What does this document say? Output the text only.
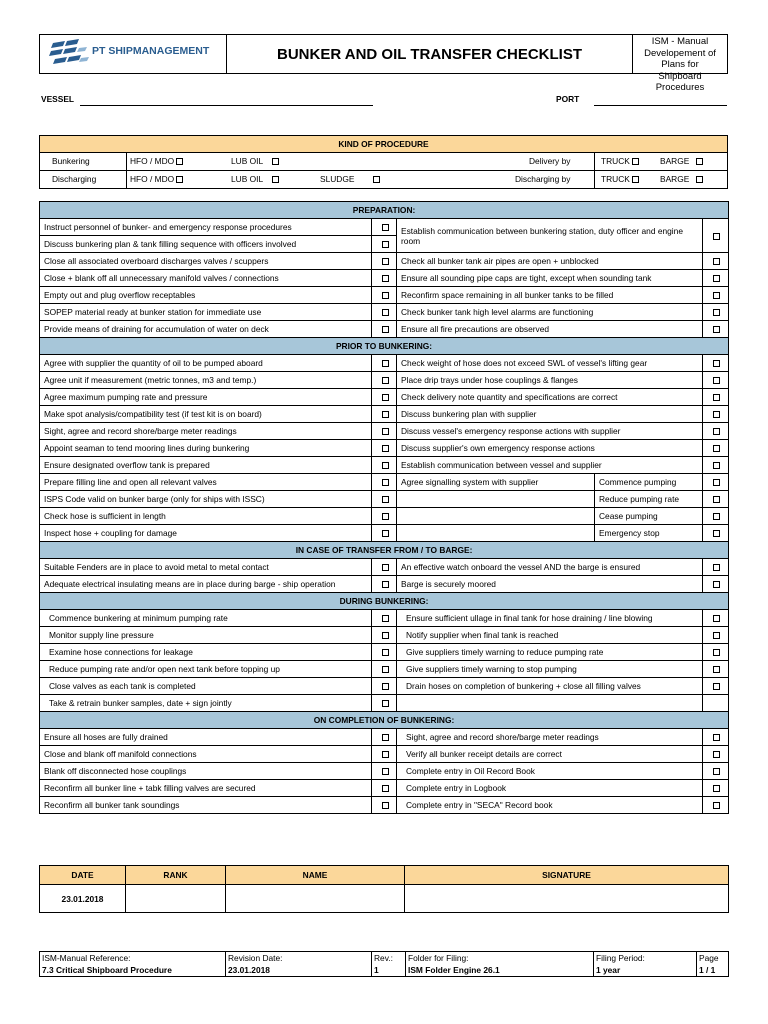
PT SHIPMANAGEMENT	BUNKER AND OIL TRANSFER CHECKLIST
ISM - Manual
Developement of Plans for
Shipboard Procedures
VESSEL	PORT
KIND OF PROCEDURE
Bunkering	HFO / MDO	LUB OIL	Delivery by	TRUCK	BARGE
Discharging	HFO / MDO	LUB OIL	SLUDGE	Discharging by	TRUCK	BARGE
PREPARATION:				
Instruct personnel of bunker- and emergency response procedures		Establish communication between bunkering station, duty officer and engine room		
Discuss bunkering plan & tank filling sequence with officers involved				
Close all associated overboard discharges valves / scuppers		Check all bunker tank air pipes are open + unblocked		
Close + blank off all unnecessary manifold valves / connections		Ensure all sounding pipe caps are tight, except when sounding tank		
Empty out and plug overflow receptables		Reconfirm space remaining in all bunker tanks to be filled		
SOPEP material ready at bunker station for immediate use		Check bunker tank high level alarms are functioning		
Provide means of draining for accumulation of water on deck		Ensure all fire precautions are observed		
PRIOR TO BUNKERING:				
Agree with supplier the quantity of oil to be pumped aboard		Check weight of hose does not exceed SWL of vessel's lifting gear		
Agree unit if measurement (metric tonnes, m3 and temp.)		Place drip trays under hose couplings & flanges		
Agree maximum pumping rate and pressure		Check delivery note quantity and specifications are correct		
Make spot analysis/compatibility test (if test kit is on board)		Discuss bunkering plan with supplier		
Sight, agree and record shore/barge meter readings		Discuss vessel's emergency response actions with supplier		
Appoint seaman to tend mooring lines during bunkering		Discuss supplier's own emergency response actions		
Ensure designated overflow tank is prepared		Establish communication between vessel and supplier		
Prepare filling line and open all relevant valves		Agree signalling system with supplier	Commence pumping	
ISPS Code valid on bunker barge (only for ships with ISSC)			Reduce pumping rate	
Check hose is sufficient in length			Cease pumping	
Inspect hose + coupling for damage			Emergency stop	
IN CASE OF TRANSFER FROM / TO BARGE:				
Suitable Fenders are in place to avoid metal to metal contact		An effective watch onboard the vessel AND the barge is ensured		
Adequate electrical insulating means are in place during barge - ship operation		Barge is securely moored		
DURING BUNKERING:				
Commence bunkering at minimum pumping rate		Ensure sufficient ullage in final tank for hose draining / line blowing		
Monitor supply line pressure		Notify supplier when final tank is reached		
Examine hose connections for leakage		Give suppliers timely warning to reduce pumping rate		
Reduce pumping rate and/or open next tank before topping up		Give suppliers timely warning to stop pumping		
Close valves as each tank is completed		Drain hoses on completion of bunkering + close all filling valves		
Take & retrain bunker samples, date + sign jointly				
ON COMPLETION OF BUNKERING:				
Ensure all hoses are fully drained		Sight, agree and record shore/barge meter readings		
Close and blank off manifold connections		Verify all bunker receipt details are correct		
Blank off disconnected hose couplings		Complete entry in Oil Record Book		
Reconfirm all bunker line + tabk filling valves are secured		Complete entry in Logbook		
Reconfirm all bunker tank soundings		Complete entry in "SECA" Record book		
DATE	RANK	NAME	SIGNATURE
23.01.2018			
ISM-Manual Reference:	Revision Date:	Rev.:	Folder for Filing:	Filing Period:	Page
7.3 Critical Shipboard Procedure	23.01.2018	1	ISM Folder Engine 26.1	1 year	1 / 1
